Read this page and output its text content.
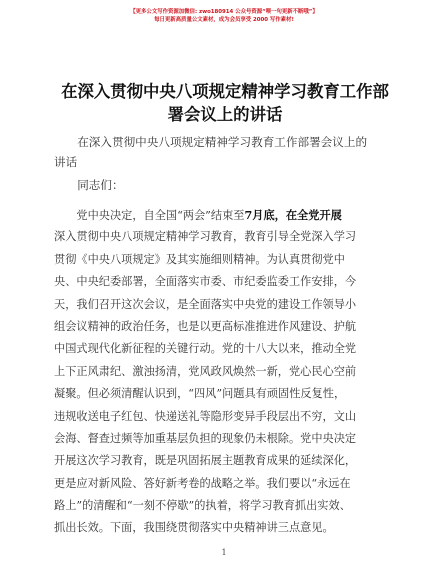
【更多公文写作资源加微信: zwo180914 公众号资源“喂一句更新不断哦”】
每日更新高质量公文素材，成为会员享受 2000 写作素材!
在深入贯彻中央八项规定精神学习教育工作部
署会议上的讲话
在深入贯彻中央八项规定精神学习教育工作部署会议上的
讲话
同志们：
党中央决定，自全国“两会”结束至7月底，在全党开展
深入贯彻中央八项规定精神学习教育，教育引导全党深入学习
贯彻《中央八项规定》及其实施细则精神。为认真贯彻党中
央、中央纪委部署，全面落实市委、市纪委监委工作安排，今
天，我们召开这次会议，是全面落实中央党的建设工作领导小
组会议精神的政治任务，也是以更高标准推进作风建设、护航
中国式现代化新征程的关键行动。党的十八大以来，推动全党
上下正风肃纪、激浊扬清，党风政风焕然一新，党心民心空前
凝聚。但必须清醒认识到，“四风”问题具有顽固性反复性，
违规收送电子红包、快递送礼等隐形变异手段层出不穷，文山
会海、督查过频等加重基层负担的现象仍未根除。党中央决定
开展这次学习教育，既是巩固拓展主题教育成果的延续深化，
更是应对新风险、答好新考卷的战略之举。我们要以“永远在
路上”的清醒和“一刻不停歇”的执着，将学习教育抓出实效、
抓出长效。下面，我围绕贯彻落实中央精神讲三点意见。
1
